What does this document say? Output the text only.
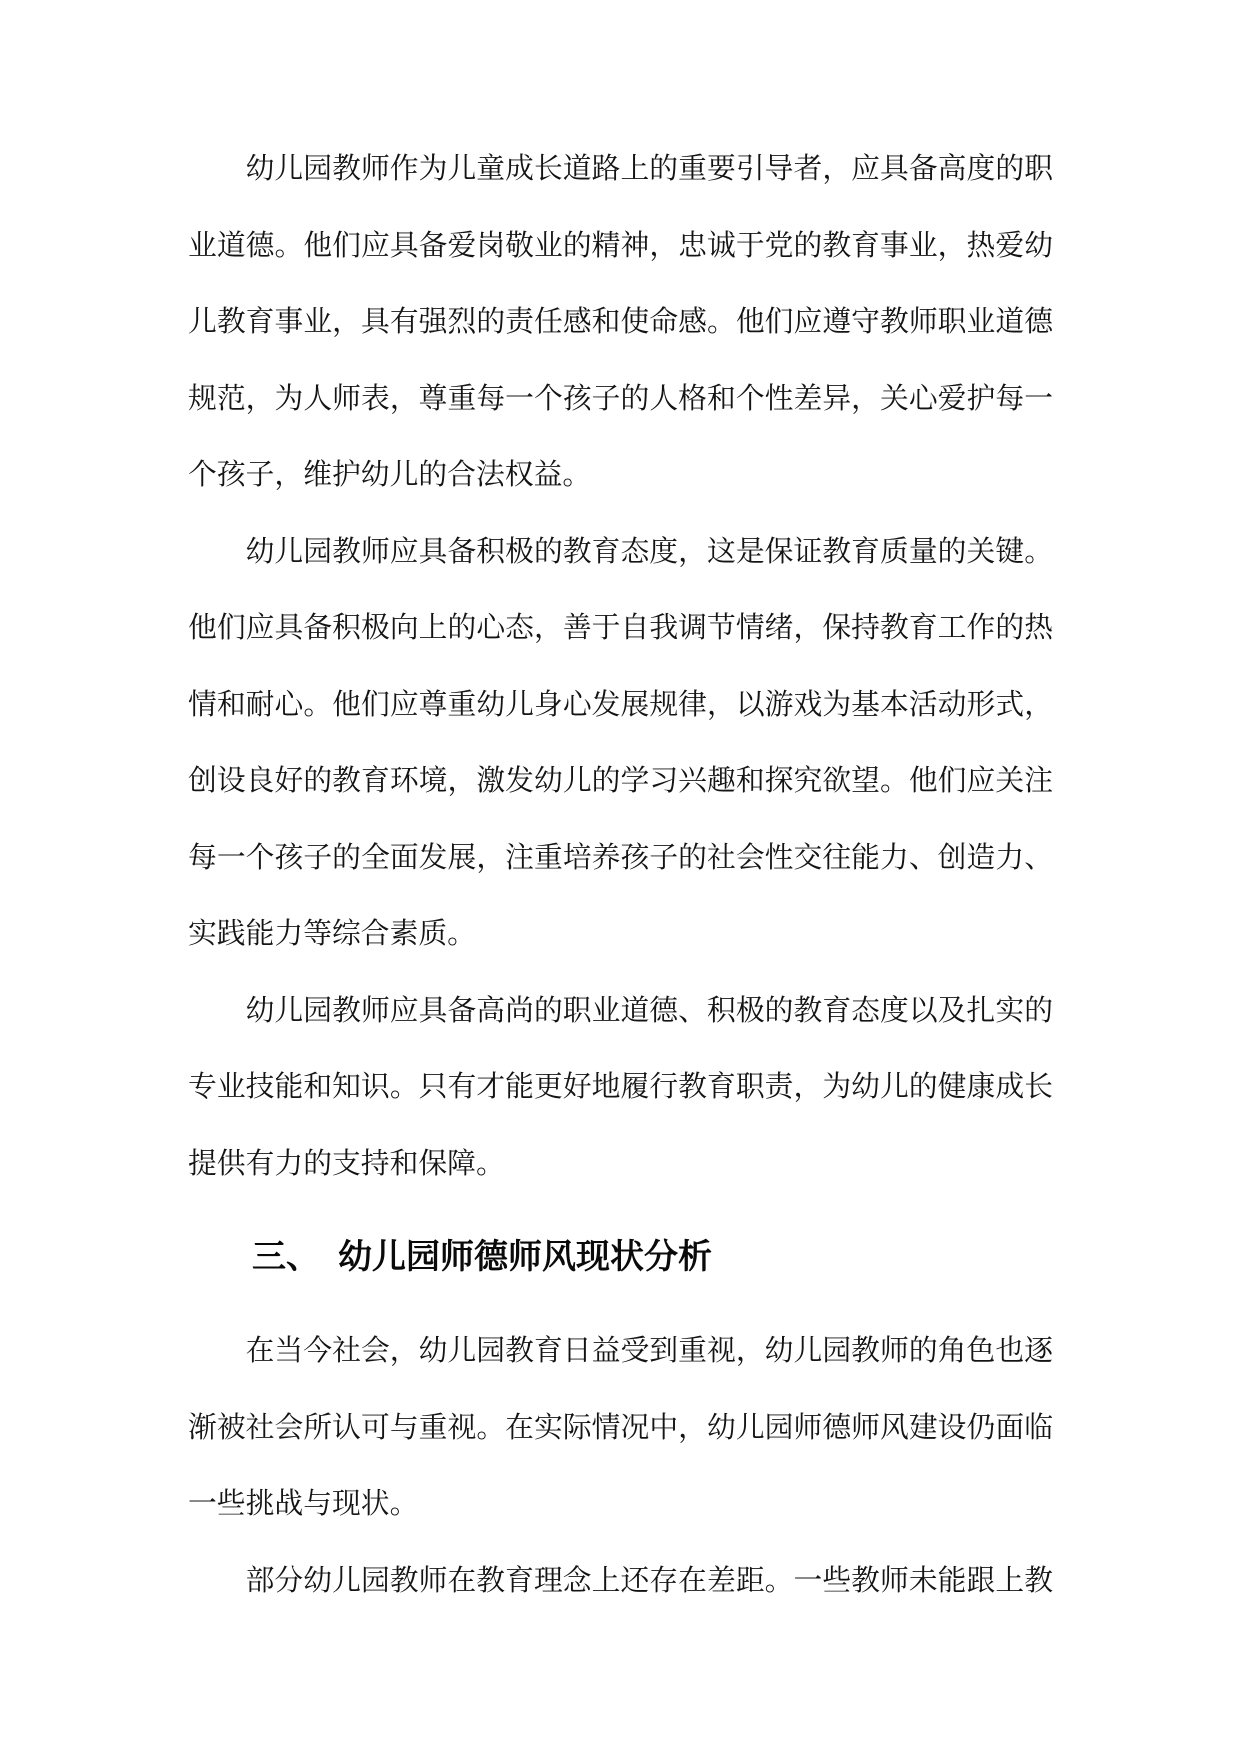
幼儿园教师作为儿童成长道路上的重要引导者，应具备高度的职
业道德。他们应具备爱岗敬业的精神，忠诚于党的教育事业，热爱幼
儿教育事业，具有强烈的责任感和使命感。他们应遵守教师职业道德
规范，为人师表，尊重每一个孩子的人格和个性差异，关心爱护每一
个孩子，维护幼儿的合法权益。
幼儿园教师应具备积极的教育态度，这是保证教育质量的关键。
他们应具备积极向上的心态，善于自我调节情绪，保持教育工作的热
情和耐心。他们应尊重幼儿身心发展规律，以游戏为基本活动形式，
创设良好的教育环境，激发幼儿的学习兴趣和探究欲望。他们应关注
每一个孩子的全面发展，注重培养孩子的社会性交往能力、创造力、
实践能力等综合素质。
幼儿园教师应具备高尚的职业道德、积极的教育态度以及扎实的
专业技能和知识。只有才能更好地履行教育职责，为幼儿的健康成长
提供有力的支持和保障。
三、 幼儿园师德师风现状分析
在当今社会，幼儿园教育日益受到重视，幼儿园教师的角色也逐
渐被社会所认可与重视。在实际情况中，幼儿园师德师风建设仍面临
一些挑战与现状。
部分幼儿园教师在教育理念上还存在差距。一些教师未能跟上教
